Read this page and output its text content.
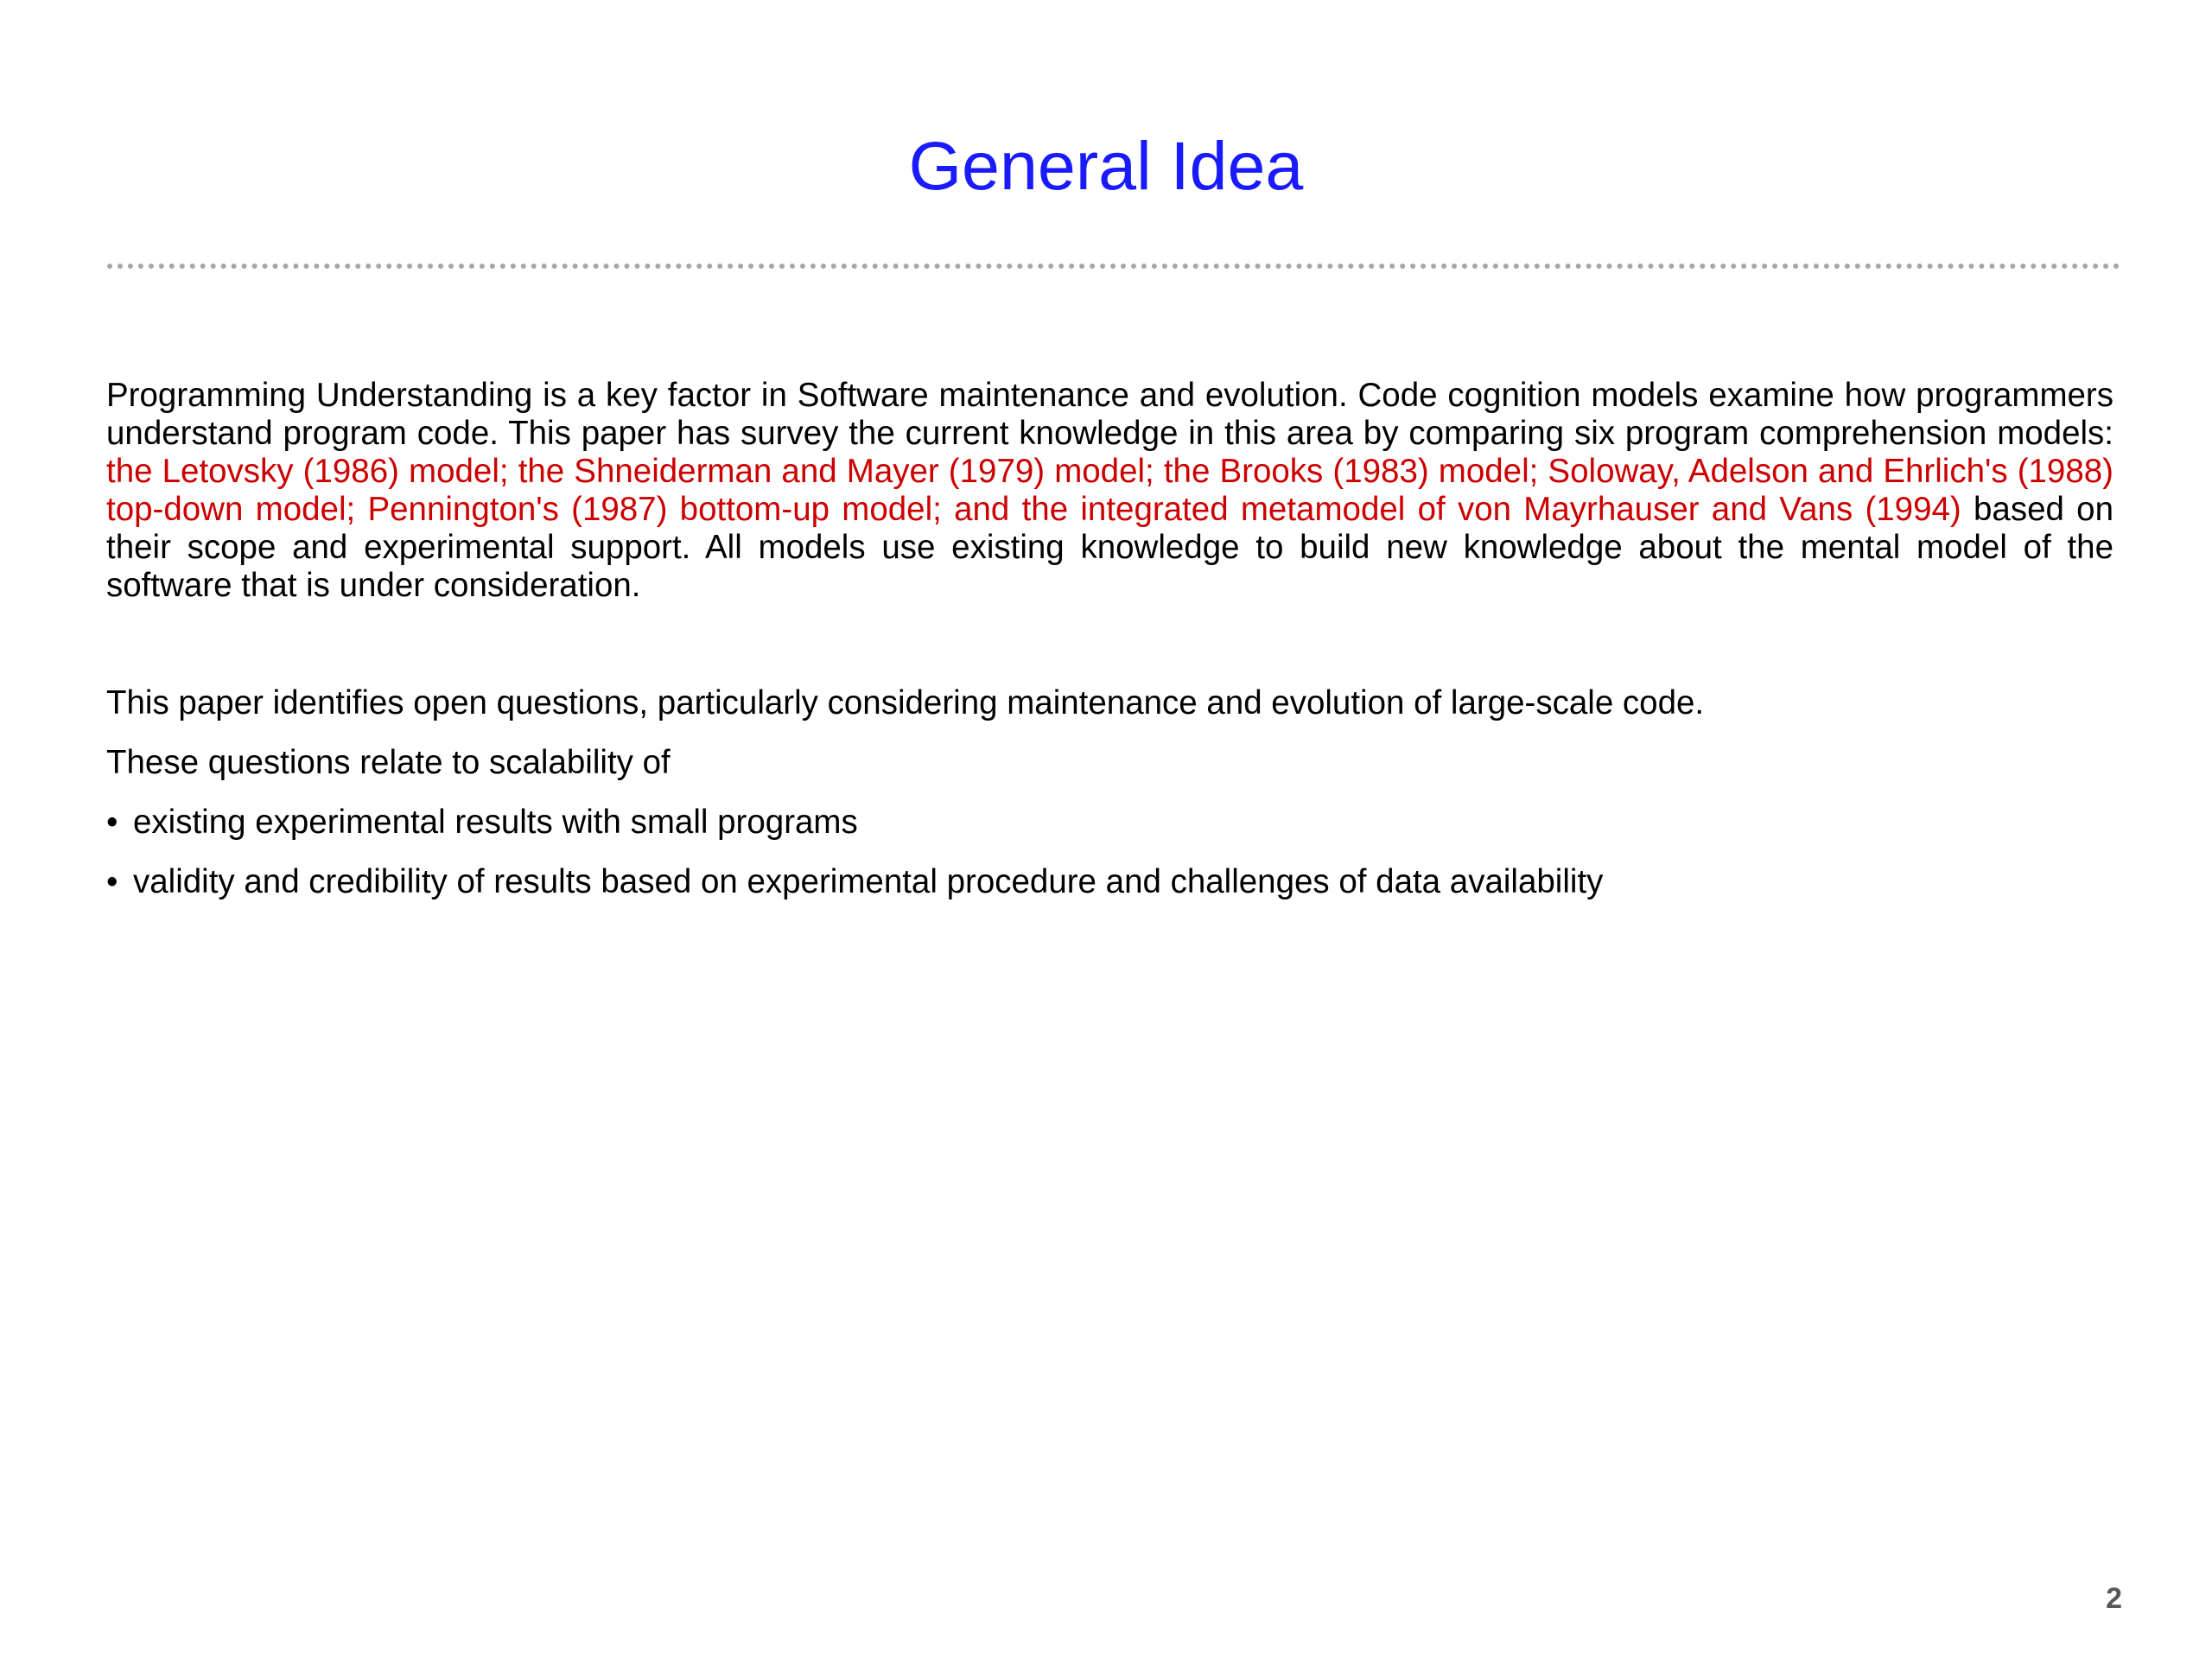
General Idea

Programming Understanding is a key factor in Software maintenance and evolution. Code cognition models examine how programmers understand program code. This paper has survey the current knowledge in this area by comparing six program comprehension models: the Letovsky (1986) model; the Shneiderman and Mayer (1979) model; the Brooks (1983) model; Soloway, Adelson and Ehrlich's (1988) top-down model; Pennington's (1987) bottom-up model; and the integrated metamodel of von Mayrhauser and Vans (1994) based on their scope and experimental support. All models use existing knowledge to build new knowledge about the mental model of the software that is under consideration.

This paper identifies open questions, particularly considering maintenance and evolution of large-scale code.

These questions relate to scalability of

• existing experimental results with small programs

• validity and credibility of results based on experimental procedure and challenges of data availability

2
